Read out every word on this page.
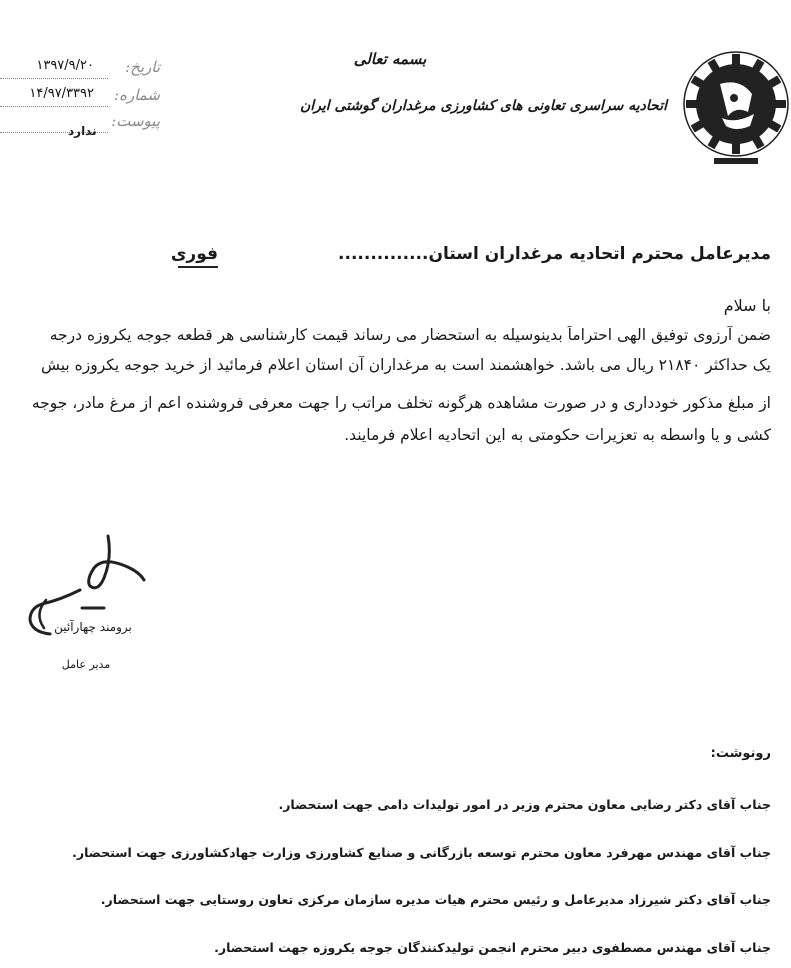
تاریخ:
۱۳۹۷/۹/۲۰
شماره:
۱۴/۹۷/۳۳۹۲
پیوست:
ندارد
بسمه تعالی
اتحادیه سراسری تعاونی های کشاورزی مرغداران گوشتی ایران
مدیرعامل محترم اتحادیه مرغداران استان..............
فوری
با سلام
ضمن آرزوی توفیق الهی احتراماً بدینوسیله به استحضار می رساند قیمت کارشناسی هر قطعه جوجه یکروزه درجه
یک حداکثر ۲۱۸۴۰ ریال می باشد. خواهشمند است به مرغداران آن استان اعلام فرمائید از خرید جوجه یکروزه بیش
از مبلغ مذکور خودداری و در صورت مشاهده هرگونه تخلف مراتب را جهت معرفی فروشنده اعم از مرغ مادر، جوجه
کشی و یا واسطه به تعزیرات حکومتی به این اتحادیه اعلام فرمایند.
برومند چهارآئین
مدیر عامل
رونوشت:
جناب آقای دکتر رضایی معاون محترم وزیر در امور تولیدات دامی جهت استحضار.
جناب آقای مهندس مهرفرد معاون محترم توسعه بازرگانی و صنایع کشاورزی وزارت جهادکشاورزی جهت استحضار.
جناب آقای دکتر شیرزاد مدیرعامل و رئیس محترم هیات مدیره سازمان مرکزی تعاون روستایی جهت استحضار.
جناب آقای مهندس مصطفوی دبیر محترم انجمن تولیدکنندگان جوجه یکروزه جهت استحضار.
